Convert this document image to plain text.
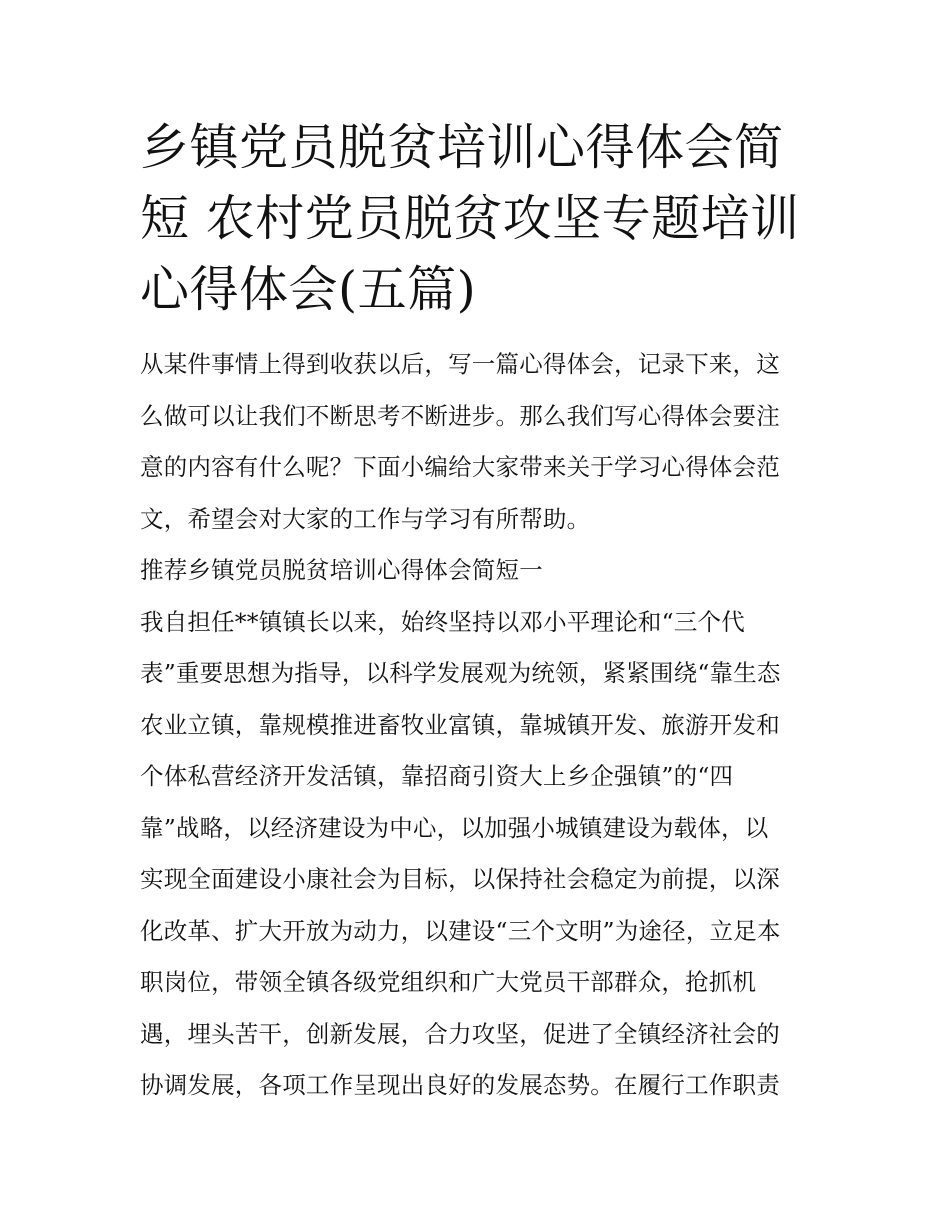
乡镇党员脱贫培训心得体会简
短 农村党员脱贫攻坚专题培训
心得体会(五篇)
从某件事情上得到收获以后，写一篇心得体会，记录下来，这
么做可以让我们不断思考不断进步。那么我们写心得体会要注
意的内容有什么呢？下面小编给大家带来关于学习心得体会范
文，希望会对大家的工作与学习有所帮助。
推荐乡镇党员脱贫培训心得体会简短一
我自担任**镇镇长以来，始终坚持以邓小平理论和“三个代
表”重要思想为指导，以科学发展观为统领，紧紧围绕“靠生态
农业立镇，靠规模推进畜牧业富镇，靠城镇开发、旅游开发和
个体私营经济开发活镇，靠招商引资大上乡企强镇”的“四
靠”战略，以经济建设为中心，以加强小城镇建设为载体，以
实现全面建设小康社会为目标，以保持社会稳定为前提，以深
化改革、扩大开放为动力，以建设“三个文明”为途径，立足本
职岗位，带领全镇各级党组织和广大党员干部群众，抢抓机
遇，埋头苦干，创新发展，合力攻坚，促进了全镇经济社会的
协调发展，各项工作呈现出良好的发展态势。在履行工作职责
